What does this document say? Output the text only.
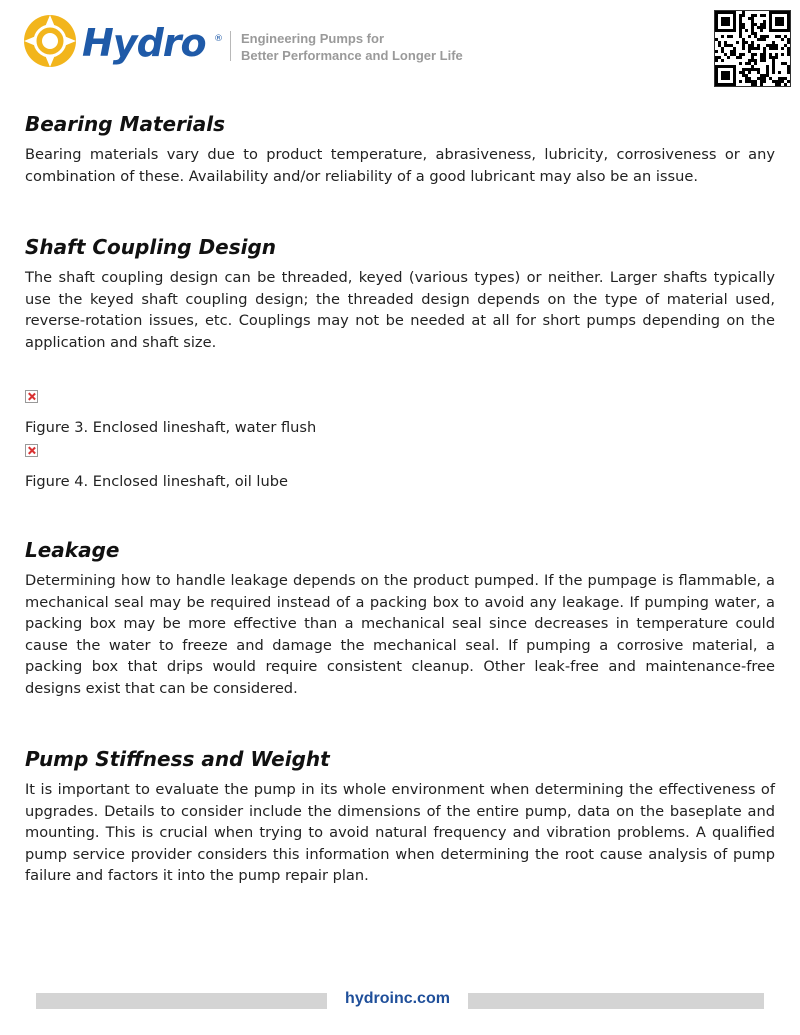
Hydro ® Engineering Pumps for
Better Performance and Longer Life
Bearing Materials

Bearing materials vary due to product temperature, abrasiveness, lubricity, corrosiveness or any combination of these. Availability and/or reliability of a good lubricant may also be an issue.

Shaft Coupling Design

The shaft coupling design can be threaded, keyed (various types) or neither. Larger shafts typically use the keyed shaft coupling design; the threaded design depends on the type of material used, reverse-rotation issues, etc. Couplings may not be needed at all for short pumps depending on the application and shaft size.

Figure 3. Enclosed lineshaft, water flush

Figure 4. Enclosed lineshaft, oil lube

Leakage

Determining how to handle leakage depends on the product pumped. If the pumpage is flammable, a mechanical seal may be required instead of a packing box to avoid any leakage. If pumping water, a packing box may be more effective than a mechanical seal since decreases in temperature could cause the water to freeze and damage the mechanical seal. If pumping a corrosive material, a packing box that drips would require consistent cleanup. Other leak-free and maintenance-free designs exist that can be considered.

Pump Stiffness and Weight

It is important to evaluate the pump in its whole environment when determining the effectiveness of upgrades. Details to consider include the dimensions of the entire pump, data on the baseplate and mounting. This is crucial when trying to avoid natural frequency and vibration problems. A qualified pump service provider considers this information when determining the root cause analysis of pump failure and factors it into the pump repair plan.

hydroinc.com
